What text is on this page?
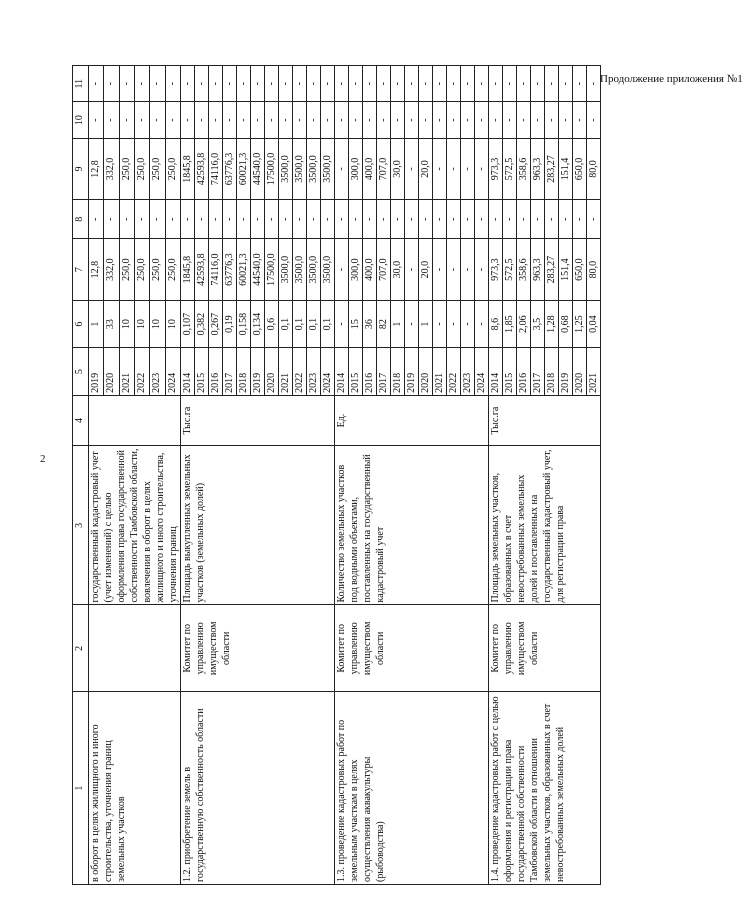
2
Продолжение приложения №1
1	2	3	4	5	6	7	8	9	10	11
в оборот в целях жилищного и иного строительства, уточнения границ земельных участков		государственный кадастровый учет (учет изменений) с целью оформления права государственной собственности Тамбовской области, вовлечения в оборот в целях жилищного и иного строительства, уточнения границ		2019	1	12,8	-	12,8	-	-
				2020	33	332,0	-	332,0	-	-
				2021	10	250,0	-	250,0	-	-
				2022	10	250,0	-	250,0	-	-
				2023	10	250,0	-	250,0	-	-
				2024	10	250,0	-	250,0	-	-
1.2. приобретение земель в государственную собственность области	Комитет по управлению имуществом области	Площадь выкупленных земельных участков (земельных долей)	Тыс.га	2014	0,107	1845,8	-	1845,8	-	-
				2015	0,382	42593,8	-	42593,8	-	-
				2016	0,267	74116,0	-	74116,0	-	-
				2017	0,19	63776,3	-	63776,3	-	-
				2018	0,158	60021,3	-	60021,3	-	-
				2019	0,134	44540,0	-	44540,0	-	-
				2020	0,6	17500,0	-	17500,0	-	-
				2021	0,1	3500,0	-	3500,0	-	-
				2022	0,1	3500,0	-	3500,0	-	-
				2023	0,1	3500,0	-	3500,0	-	-
				2024	0,1	3500,0	-	3500,0	-	-
1.3. проведение кадастровых работ по земельным участкам в целях осуществления аквакультуры (рыбоводства)	Комитет по управлению имуществом области	Количество земельных участков под водными объектами, поставленных на государственный кадастровый учет	Ед.	2014	-	-	-	-	-	-
				2015	15	300,0	-	300,0	-	-
				2016	36	400,0	-	400,0	-	-
				2017	82	707,0	-	707,0	-	-
				2018	1	30,0	-	30,0	-	-
				2019	-	-	-	-	-	-
				2020	1	20,0	-	20,0	-	-
				2021	-	-	-	-	-	-
				2022	-	-	-	-	-	-
				2023	-	-	-	-	-	-
				2024	-	-	-	-	-	-
1.4. проведение кадастровых работ с целью оформления и регистрации права государственной собственности Тамбовской области в отношении земельных участков, образованных в счет невостребованных земельных долей	Комитет по управлению имуществом области	Площадь земельных участков, образованных в счет невостребованных земельных долей и поставленных на государственный кадастровый учет, для регистрации права	Тыс.га	2014	8,6	973,3	-	973,3	-	-
				2015	1,85	572,5	-	572,5	-	-
				2016	2,06	358,6	-	358,6	-	-
				2017	3,5	963,3	-	963,3	-	-
				2018	1,28	283,27	-	283,27	-	-
				2019	0,68	151,4	-	151,4	-	-
				2020	1,25	650,0	-	650,0	-	-
				2021	0,04	80,0	-	80,0	-	-
